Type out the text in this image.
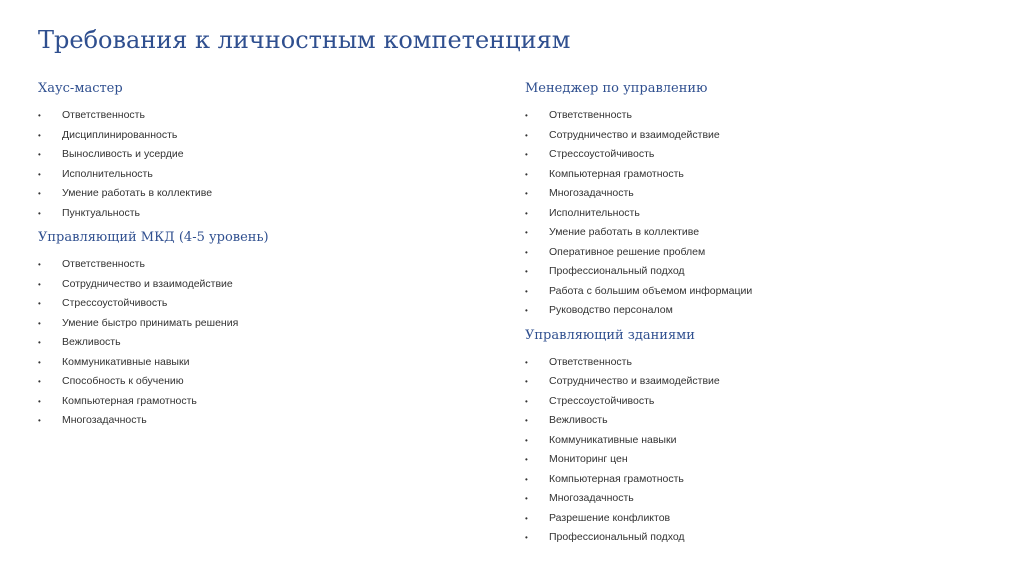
Требования к личностным компетенциям
Хаус-мастер
• Ответственность
• Дисциплинированность
• Выносливость и усердие
• Исполнительность
• Умение работать в коллективе
• Пунктуальность
Управляющий МКД (4-5 уровень)
• Ответственность
• Сотрудничество и взаимодействие
• Стрессоустойчивость
• Умение быстро принимать решения
• Вежливость
• Коммуникативные навыки
• Способность к обучению
• Компьютерная грамотность
• Многозадачность
Менеджер по управлению
• Ответственность
• Сотрудничество и взаимодействие
• Стрессоустойчивость
• Компьютерная грамотность
• Многозадачность
• Исполнительность
• Умение работать в коллективе
• Оперативное решение проблем
• Профессиональный подход
• Работа с большим объемом информации
• Руководство персоналом
Управляющий зданиями
• Ответственность
• Сотрудничество и взаимодействие
• Стрессоустойчивость
• Вежливость
• Коммуникативные навыки
• Мониторинг цен
• Компьютерная грамотность
• Многозадачность
• Разрешение конфликтов
• Профессиональный подход
